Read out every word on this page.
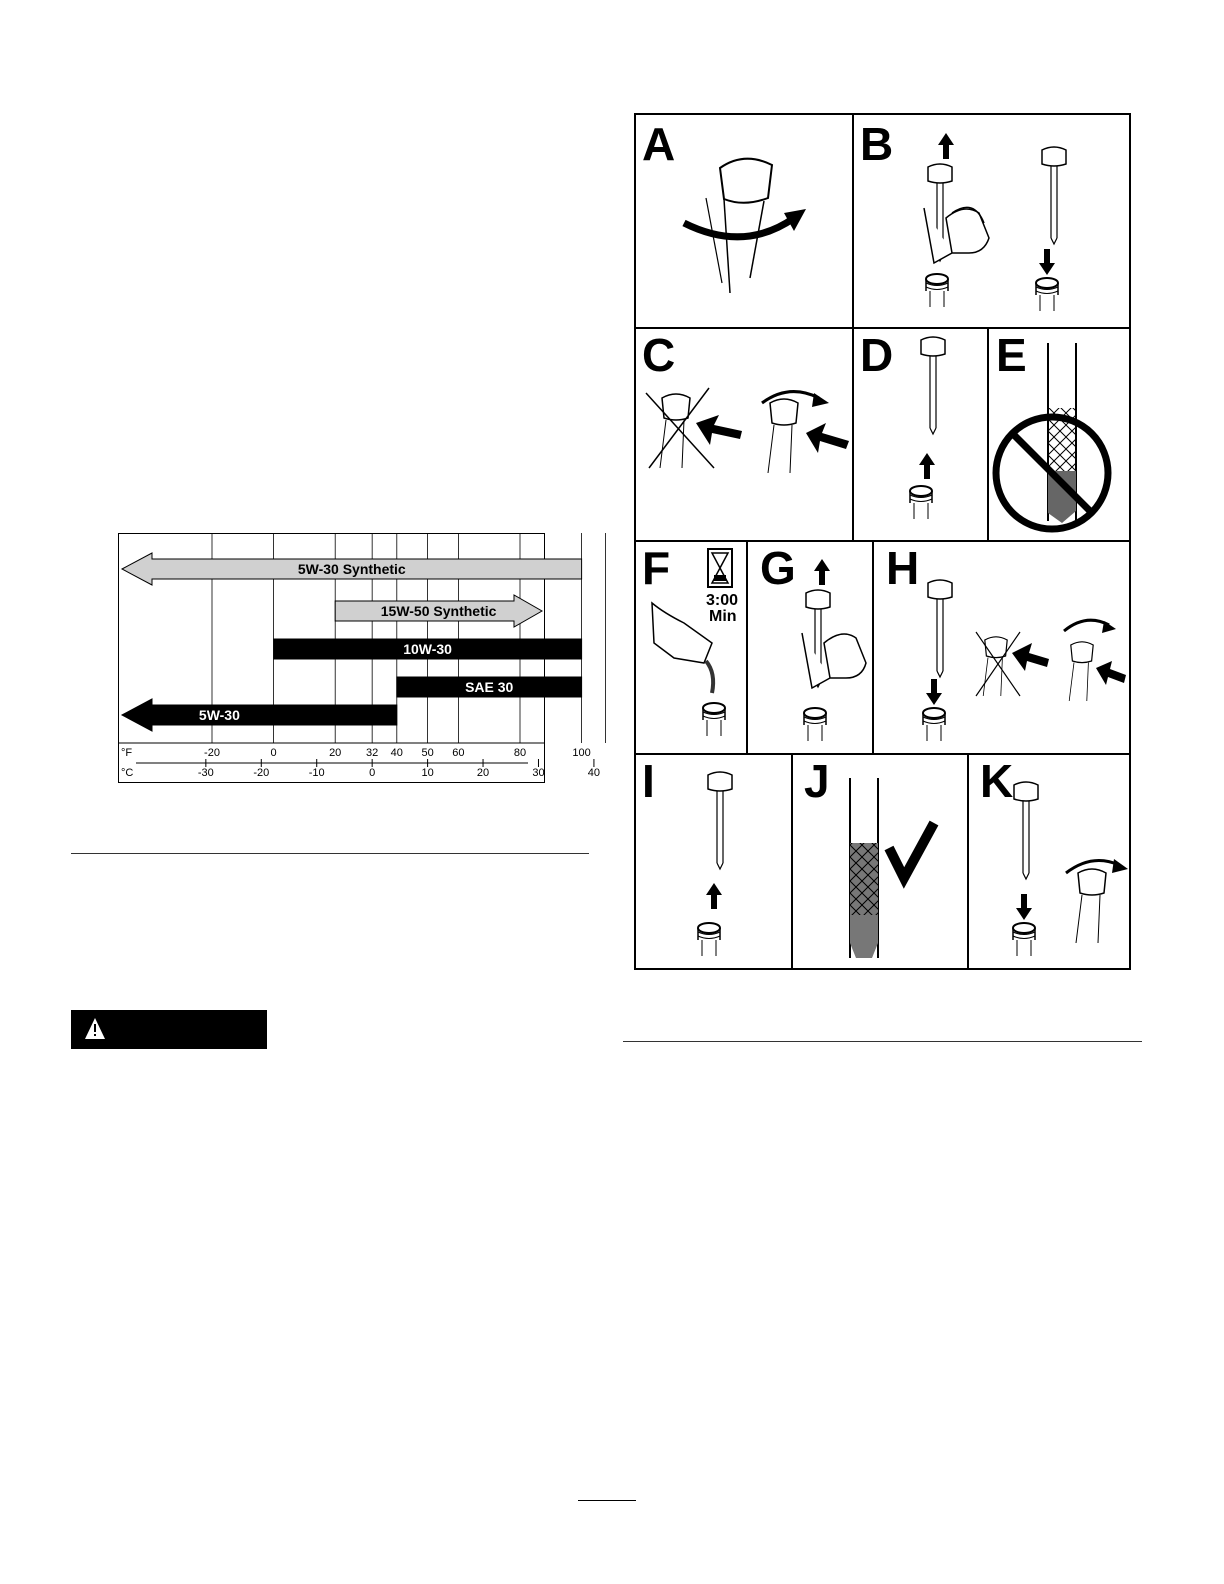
5W-30 Synthetic
15W-50 Synthetic
10W-30
SAE 30
5W-30
°F
°C
-20	0	20 32 40 50 60	80	100
-30	-20	-10	0	10	20	30	40
A	B
C	D E
F G H
I	J	K
3:00
Min
